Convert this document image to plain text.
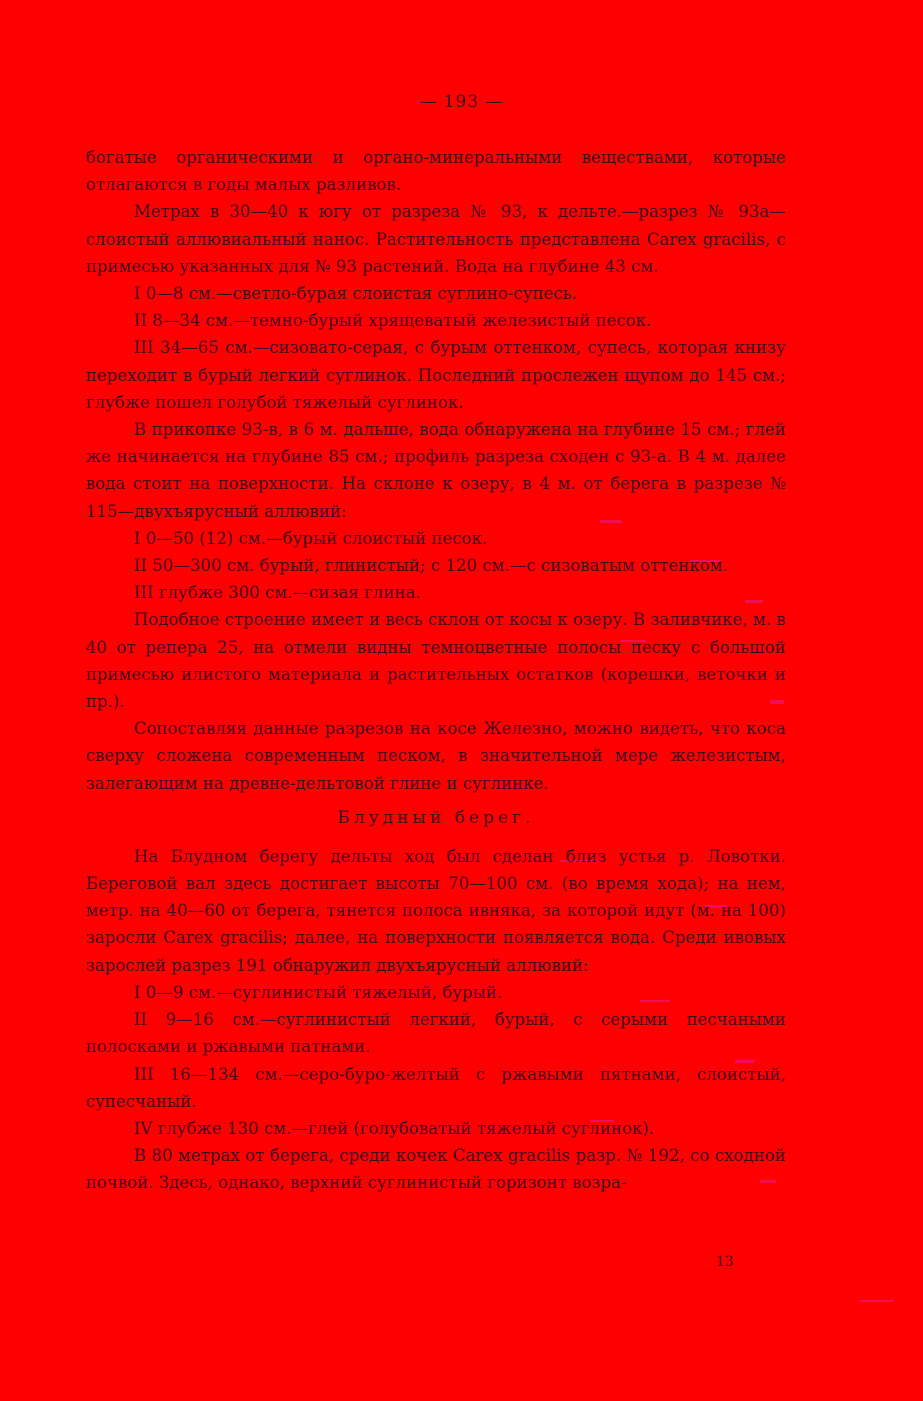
— 193 —

богатые органическими и органо-минеральными веществами, которые отлагаются в годы малых разливов.

Метрах в 30—40 к югу от разреза № 93, к дельте.—разрез № 93а— слоистый аллювиальный нанос. Растительность представлена Carex gracilis, с примесью указанных для № 93 растений. Вода на глубине 43 см.

I 0—8 см.—светло-бурая слоистая суглино-супесь.

II 8—34 см.—темно-бурый хрящеватый железистый песок.

III 34—65 см.—сизовато-серая, с бурым оттенком, супесь, которая книзу переходит в бурый легкий суглинок. Последний прослежен щупом до 145 см.; глубже пошел голубой тяжелый суглинок.

В прикопке 93-в, в 6 м. дальше, вода обнаружена на глубине 15 см.; глей же начинается на глубине 85 см.; профиль разреза сходен с 93-а. В 4 м. далее вода стоит на поверхности. На склоне к озеру, в 4 м. от берега в разрезе № 115—двухъярусный аллювий:

I 0—50 (12) см.—бурый слоистый песок.

II 50—300 см. бурый, глинистый; с 120 см.—с сизоватым оттенком.

III глубже 300 см.—сизая глина.

Подобное строение имеет и весь склон от косы к озеру. В заливчике, м. в 40 от репера 25, на отмели видны темноцветные полосы песку с большой примесью илистого материала и растительных остатков (корешки, веточки и пр.).

Сопоставляя данные разрезов на косе Железно, можно видеть, что коса сверху сложена современным песком, в значительной мере железистым, залегающим на древне-дельтовой глине и суглинке.

Блудный берег.

На Блудном берегу дельты ход был сделан близ устья р. Ловотки. Береговой вал здесь достигает высоты 70—100 см. (во время хода); на нем, метр. на 40—60 от берега, тянется полоса ивняка, за которой идут (м. на 100) заросли Carex gracilis; далее, на поверхности появляется вода. Среди ивовых зарослей разрез 191 обнаружил двухъярусный аллювий:

I 0—9 см.—суглинистый тяжелый, бурый.

II 9—16 см.—суглинистый легкий, бурый, с серыми песчаными полосками и ржавыми патнами.

III 16—134 см.—серо-буро-желтый с ржавыми пятнами, слоистый, супесчаный.

IV глубже 130 см.—глей (голубоватый тяжелый суглинок).

В 80 метрах от берега, среди кочек Carex gracilis разр. № 192, со сходной почвой. Здесь, однако, верхний суглинистый горизонт возра-

13
